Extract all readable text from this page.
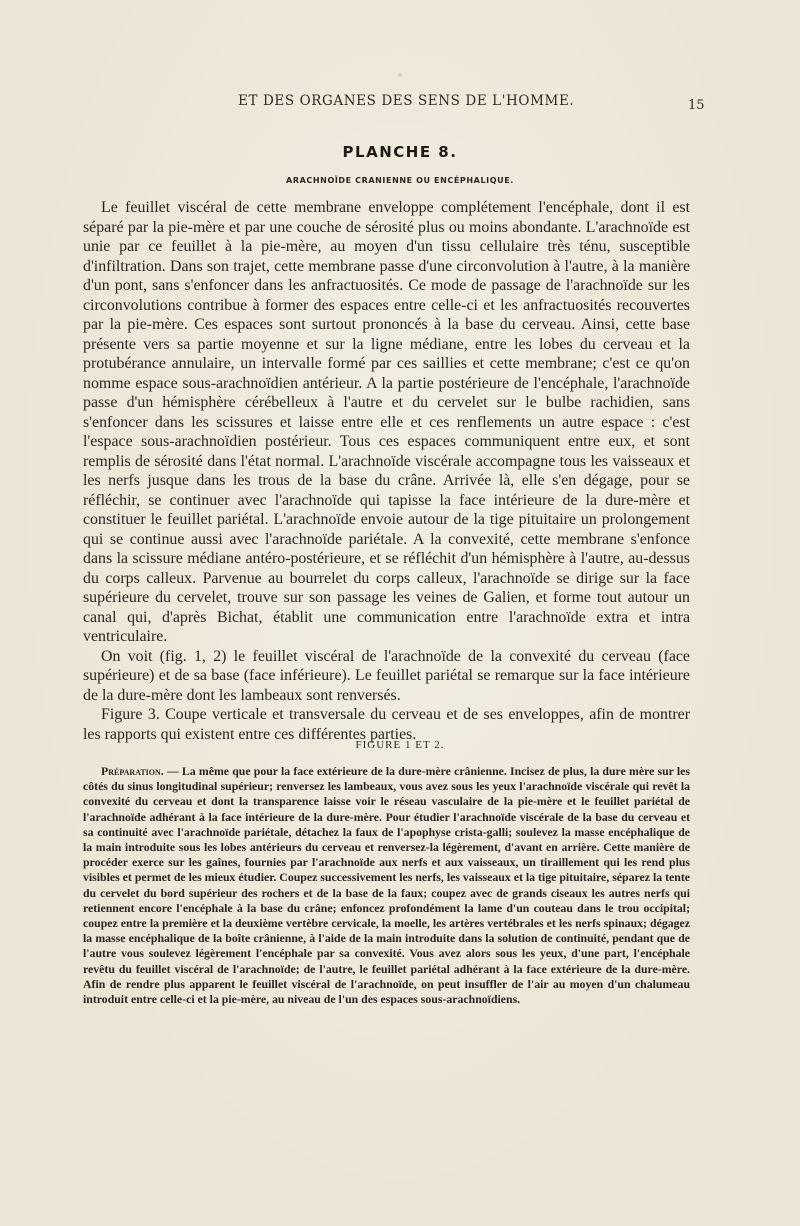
ET DES ORGANES DES SENS DE L'HOMME.	15
PLANCHE 8.
ARACHNOÏDE CRANIENNE OU ENCÉPHALIQUE.

Le feuillet viscéral de cette membrane enveloppe complétement l'encéphale, dont il est séparé par la pie-mère et par une couche de sérosité plus ou moins abondante. L'arachnoïde est unie par ce feuillet à la pie-mère, au moyen d'un tissu cellulaire très ténu, susceptible d'infiltration. Dans son trajet, cette membrane passe d'une circonvolution à l'autre, à la manière d'un pont, sans s'enfoncer dans les anfractuosités. Ce mode de passage de l'arachnoïde sur les circonvolutions contribue à former des espaces entre celle-ci et les anfractuosités recouvertes par la pie-mère. Ces espaces sont surtout prononcés à la base du cerveau. Ainsi, cette base présente vers sa partie moyenne et sur la ligne médiane, entre les lobes du cerveau et la protubérance annulaire, un intervalle formé par ces saillies et cette membrane; c'est ce qu'on nomme espace sous-arachnoïdien antérieur. A la partie postérieure de l'encéphale, l'arachnoïde passe d'un hémisphère cérébelleux à l'autre et du cervelet sur le bulbe rachidien, sans s'enfoncer dans les scissures et laisse entre elle et ces renflements un autre espace : c'est l'espace sous-arachnoïdien postérieur. Tous ces espaces communiquent entre eux, et sont remplis de sérosité dans l'état normal. L'arachnoïde viscérale accompagne tous les vaisseaux et les nerfs jusque dans les trous de la base du crâne. Arrivée là, elle s'en dégage, pour se réfléchir, se continuer avec l'arachnoïde qui tapisse la face intérieure de la dure-mère et constituer le feuillet pariétal. L'arachnoïde envoie autour de la tige pituitaire un prolongement qui se continue aussi avec l'arachnoïde pariétale. A la convexité, cette membrane s'enfonce dans la scissure médiane antéro-postérieure, et se réfléchit d'un hémisphère à l'autre, au-dessus du corps calleux. Parvenue au bourrelet du corps calleux, l'arachnoïde se dirige sur la face supérieure du cervelet, trouve sur son passage les veines de Galien, et forme tout autour un canal qui, d'après Bichat, établit une communication entre l'arachnoïde extra et intra ventriculaire.

On voit (fig. 1, 2) le feuillet viscéral de l'arachnoïde de la convexité du cerveau (face supérieure) et de sa base (face inférieure). Le feuillet pariétal se remarque sur la face intérieure de la dure-mère dont les lambeaux sont renversés.

Figure 3. Coupe verticale et transversale du cerveau et de ses enveloppes, afin de montrer les rapports qui existent entre ces différentes parties.

FIGURE 1 ET 2.

Préparation. — La même que pour la face extérieure de la dure-mère crânienne. Incisez de plus, la dure mère sur les côtés du sinus longitudinal supérieur; renversez les lambeaux, vous avez sous les yeux l'arachnoïde viscérale qui revêt la convexité du cerveau et dont la transparence laisse voir le réseau vasculaire de la pie-mère et le feuillet pariétal de l'arachnoïde adhérant à la face intérieure de la dure-mère. Pour étudier l'arachnoïde viscérale de la base du cerveau et sa continuité avec l'arachnoïde pariétale, détachez la faux de l'apophyse crista-galli; soulevez la masse encéphalique de la main introduite sous les lobes antérieurs du cerveau et renversez-la légèrement, d'avant en arrière. Cette manière de procéder exerce sur les gaînes, fournies par l'arachnoïde aux nerfs et aux vaisseaux, un tiraillement qui les rend plus visibles et permet de les mieux étudier. Coupez successivement les nerfs, les vaisseaux et la tige pituitaire, séparez la tente du cervelet du bord supérieur des rochers et de la base de la faux; coupez avec de grands ciseaux les autres nerfs qui retiennent encore l'encéphale à la base du crâne; enfoncez profondément la lame d'un couteau dans le trou occipital; coupez entre la première et la deuxième vertèbre cervicale, la moelle, les artères vertébrales et les nerfs spinaux; dégagez la masse encéphalique de la boîte crânienne, à l'aide de la main introduite dans la solution de continuité, pendant que de l'autre vous soulevez légèrement l'encéphale par sa convexité. Vous avez alors sous les yeux, d'une part, l'encéphale revêtu du feuillet viscéral de l'arachnoïde; de l'autre, le feuillet pariétal adhérant à la face extérieure de la dure-mère. Afin de rendre plus apparent le feuillet viscéral de l'arachnoïde, on peut insuffler de l'air au moyen d'un chalumeau introduit entre celle-ci et la pie-mère, au niveau de l'un des espaces sous-arachnoïdiens.
